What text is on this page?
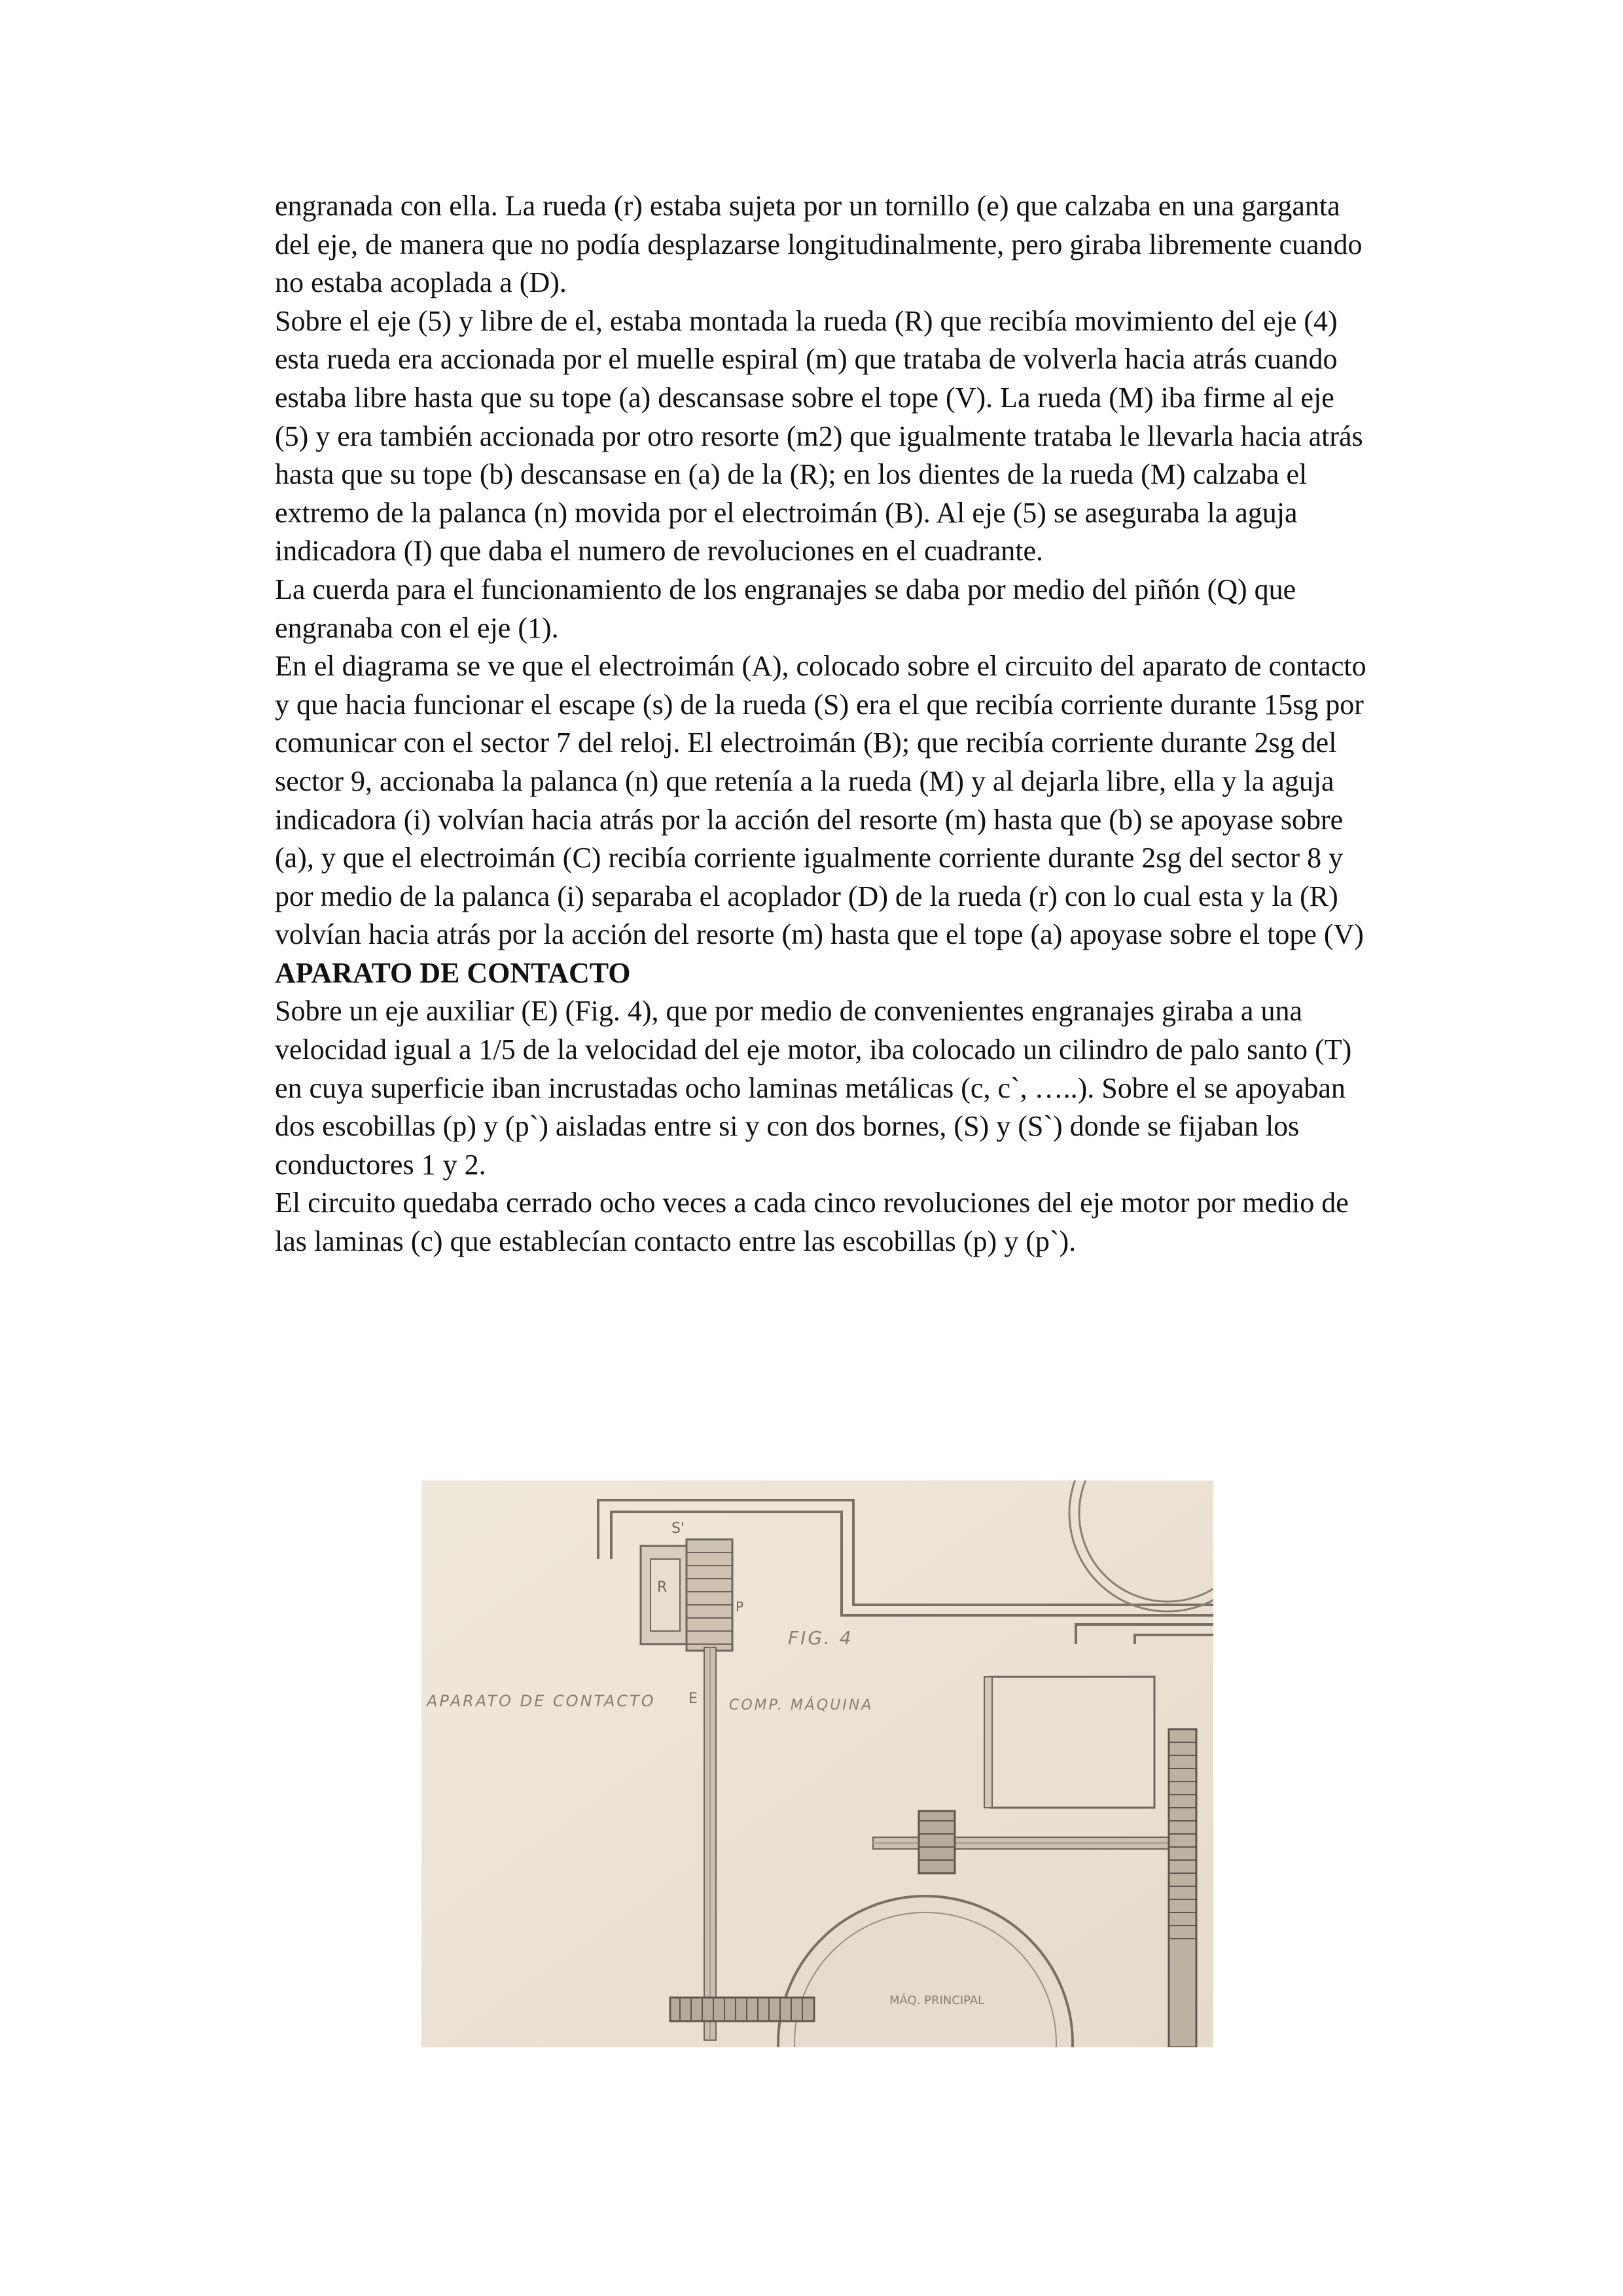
engranada con ella. La rueda (r) estaba sujeta por un tornillo (e) que calzaba en una garganta del eje, de manera que no podía desplazarse longitudinalmente, pero giraba libremente cuando no estaba acoplada a (D).

Sobre el eje (5) y libre de el, estaba montada la rueda (R) que recibía movimiento del eje (4) esta rueda era accionada por el muelle espiral (m) que trataba de volverla hacia atrás cuando estaba libre hasta que su tope (a) descansase sobre el tope (V). La rueda (M) iba firme al eje (5) y era también accionada por otro resorte (m2) que igualmente trataba le llevarla hacia atrás hasta que su tope (b) descansase en (a) de la (R); en los dientes de la rueda (M) calzaba el extremo de la palanca (n) movida por el electroimán (B). Al eje (5) se aseguraba la aguja indicadora (I) que daba el numero de revoluciones en el cuadrante.

La cuerda para el funcionamiento de los engranajes se daba por medio del piñón (Q) que engranaba con el eje (1).

En el diagrama se ve que el electroimán (A), colocado sobre el circuito del aparato de contacto y que hacia funcionar el escape (s) de la rueda (S) era el que recibía corriente durante 15sg por comunicar con el sector 7 del reloj. El electroimán (B); que recibía corriente durante 2sg del sector 9, accionaba la palanca (n) que retenía a la rueda (M) y al dejarla libre, ella y la aguja indicadora (i) volvían hacia atrás por la acción del resorte (m) hasta que (b) se apoyase sobre (a), y que el electroimán (C) recibía corriente igualmente corriente durante 2sg del sector 8 y por medio de la palanca (i) separaba el acoplador (D) de la rueda (r) con lo cual esta y la (R) volvían hacia atrás por la acción del resorte (m) hasta que el tope (a) apoyase sobre el tope (V)

APARATO DE CONTACTO

Sobre un eje auxiliar (E) (Fig. 4), que por medio de convenientes engranajes giraba a una velocidad igual a 1/5 de la velocidad del eje motor, iba colocado un cilindro de palo santo (T) en cuya superficie iban incrustadas ocho laminas metálicas (c, c`, …..). Sobre el se apoyaban dos escobillas (p) y (p`) aisladas entre si y con dos bornes, (S) y (S`) donde se fijaban los conductores 1 y 2.

El circuito quedaba cerrado ocho veces a cada cinco revoluciones del eje motor por medio de las laminas (c) que establecían contacto entre las escobillas (p) y (p`).

S'
R
P
E
FIG. 4
APARATO DE CONTACTO	COMP. MÁQUINA
MÁQ. PRINCIPAL
